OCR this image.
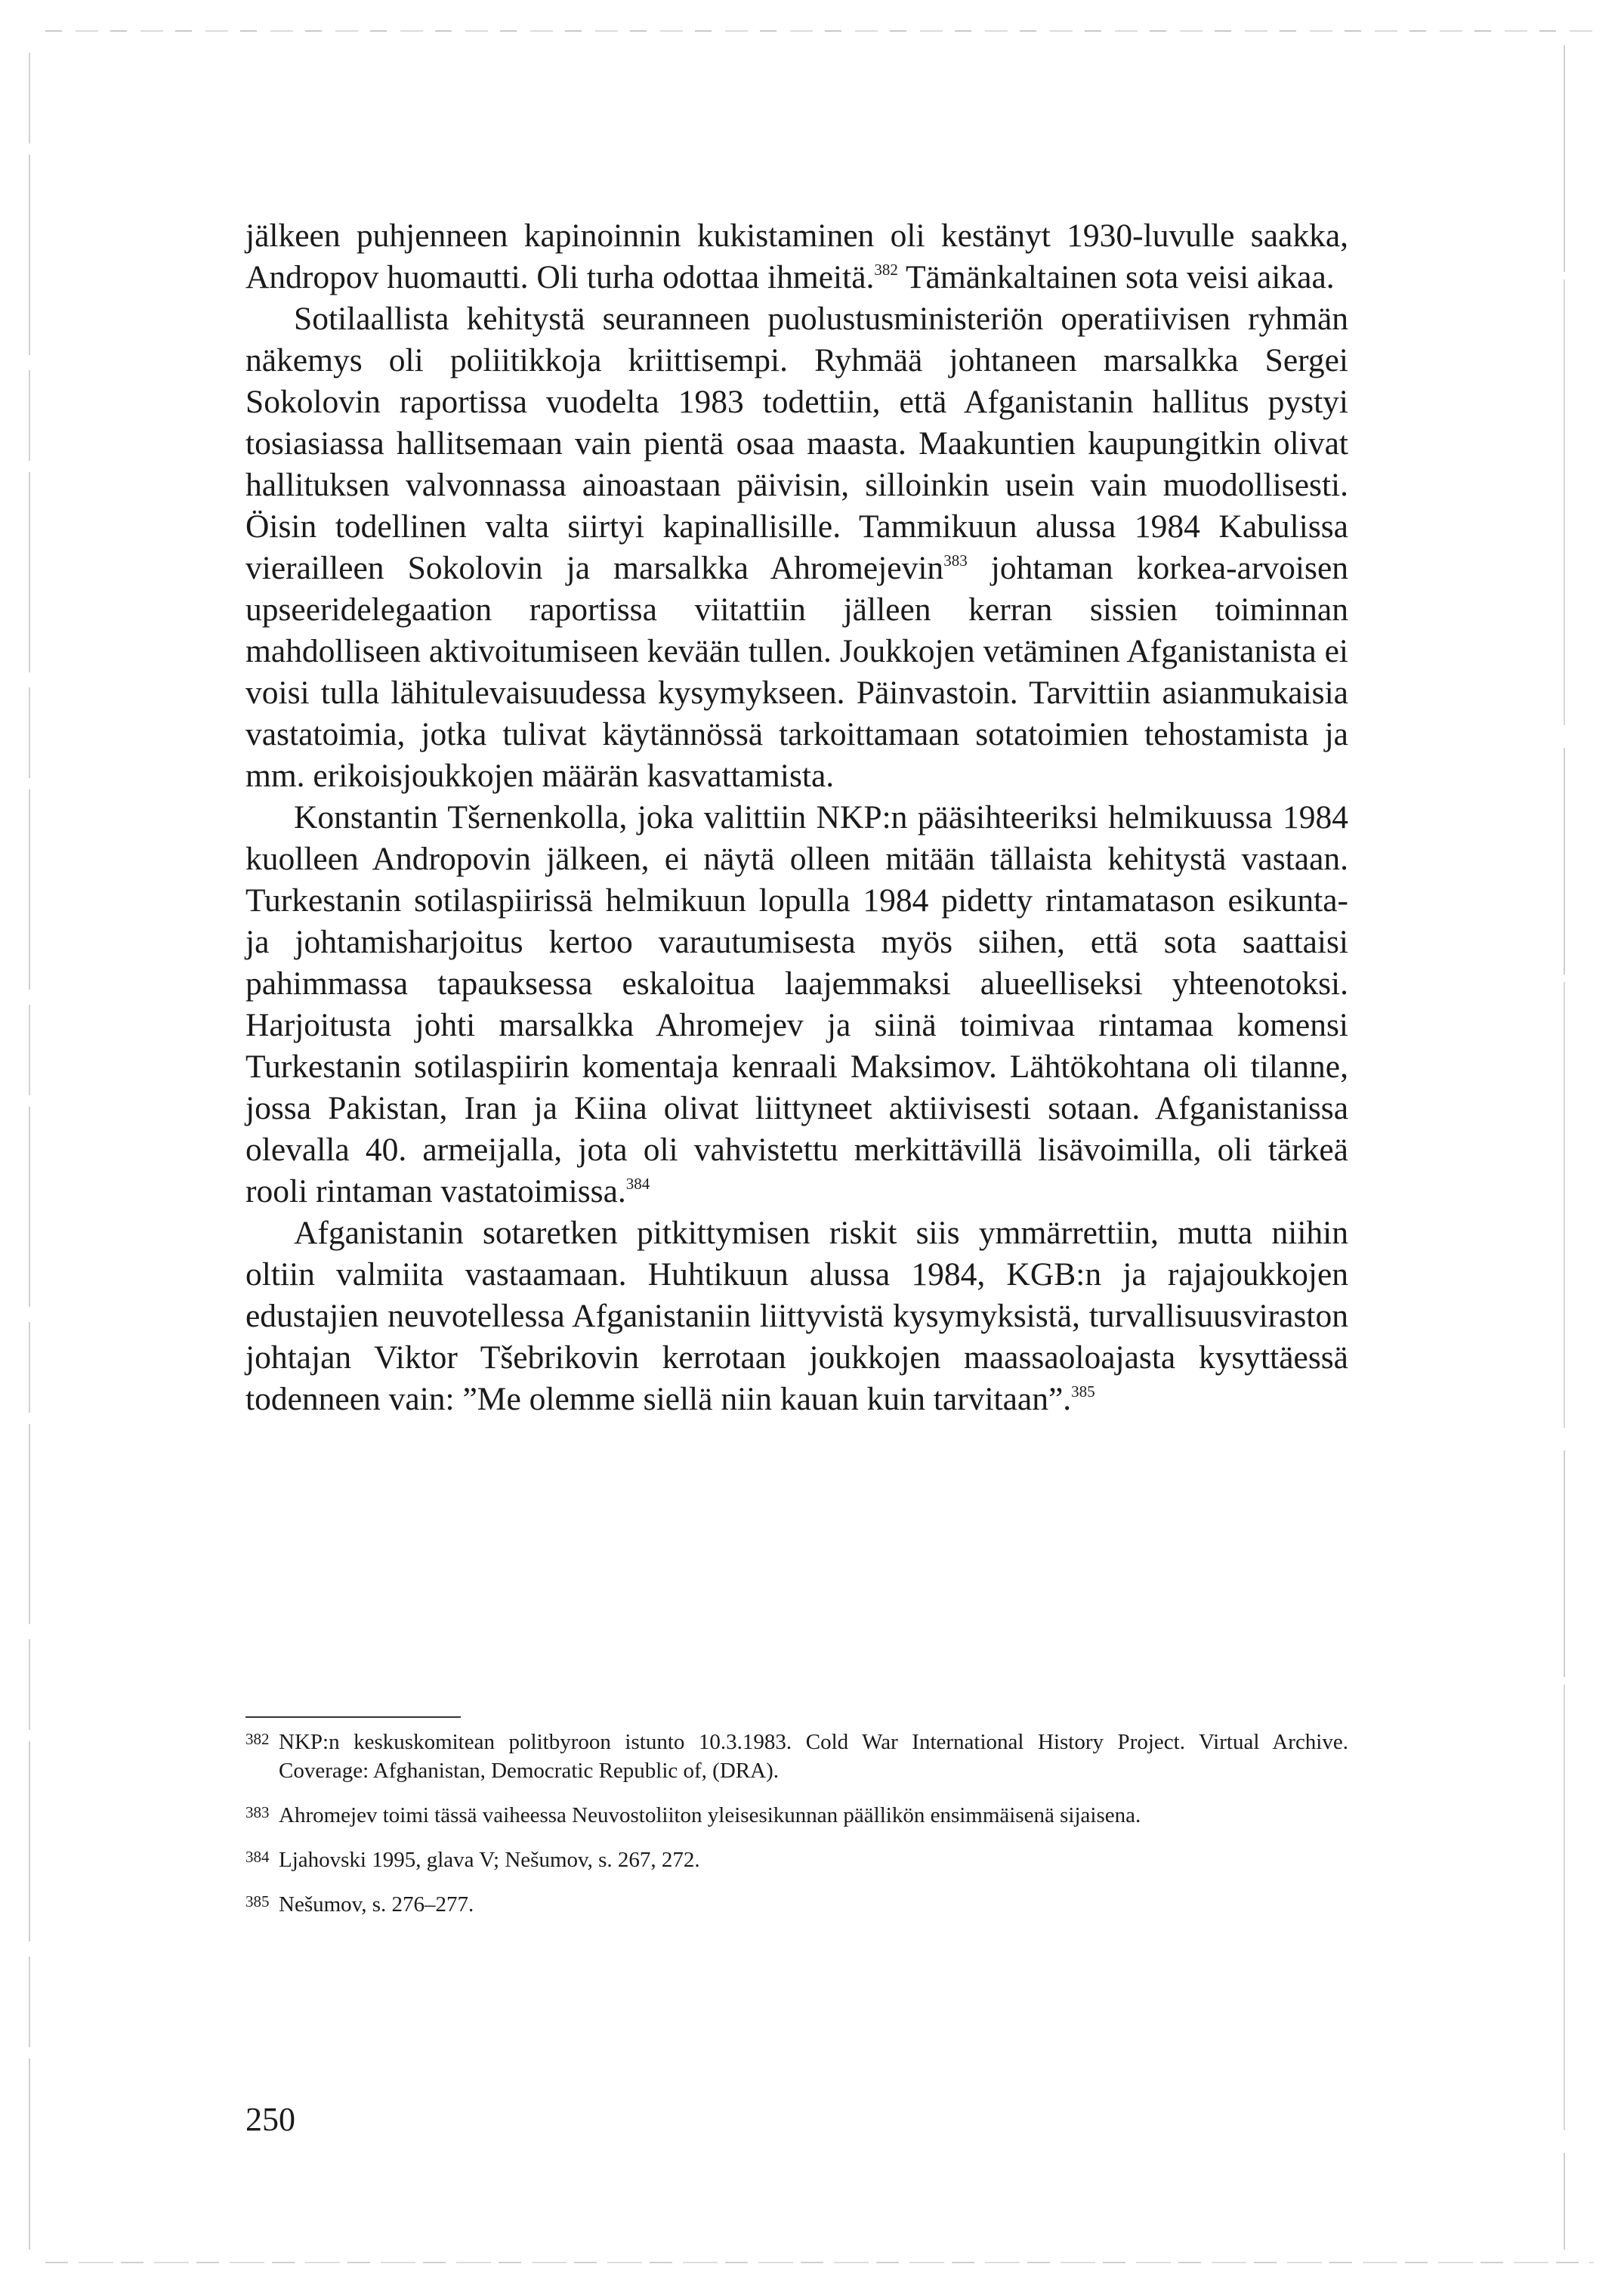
jälkeen puhjenneen kapinoinnin kukistaminen oli kestänyt 1930-luvulle saakka, Andropov huomautti. Oli turha odottaa ihmeitä.$^{382}$ Tämänkaltainen sota veisi aikaa.

Sotilaallista kehitystä seuranneen puolustusministeriön operatiivisen ryhmän näkemys oli poliitikkoja kriittisempi. Ryhmää johtaneen marsalkka Sergei Sokolovin raportissa vuodelta 1983 todettiin, että Afganistanin hallitus pystyi tosiasiassa hallitsemaan vain pientä osaa maasta. Maakuntien kaupungitkin olivat hallituksen valvonnassa ainoastaan päivisin, silloinkin usein vain muodollisesti. Öisin todellinen valta siirtyi kapinallisille. Tammikuun alussa 1984 Kabulissa vierailleen Sokolovin ja marsalkka Ahromejevin$^{383}$ johtaman korkea-arvoisen upseeridelegaation raportissa viitattiin jälleen kerran sissien toiminnan mahdolliseen aktivoitumiseen kevään tullen. Joukkojen vetäminen Afganistanista ei voisi tulla lähitulevaisuudessa kysymykseen. Päinvastoin. Tarvittiin asianmukaisia vastatoimia, jotka tulivat käytännössä tarkoittamaan sotatoimien tehostamista ja mm. erikoisjoukkojen määrän kasvattamista.

Konstantin Tšernenkolla, joka valittiin NKP:n pääsihteeriksi helmikuussa 1984 kuolleen Andropovin jälkeen, ei näytä olleen mitään tällaista kehitystä vastaan. Turkestanin sotilaspiirissä helmikuun lopulla 1984 pidetty rintamatason esikunta- ja johtamisharjoitus kertoo varautumisesta myös siihen, että sota saattaisi pahimmassa tapauksessa eskaloitua laajemmaksi alueelliseksi yhteenotoksi. Harjoitusta johti marsalkka Ahromejev ja siinä toimivaa rintamaa komensi Turkestanin sotilaspiirin komentaja kenraali Maksimov. Lähtökohtana oli tilanne, jossa Pakistan, Iran ja Kiina olivat liittyneet aktiivisesti sotaan. Afganistanissa olevalla 40. armeijalla, jota oli vahvistettu merkittävillä lisävoimilla, oli tärkeä rooli rintaman vastatoimissa.$^{384}$

Afganistanin sotaretken pitkittymisen riskit siis ymmärrettiin, mutta niihin oltiin valmiita vastaamaan. Huhtikuun alussa 1984, KGB:n ja rajajoukkojen edustajien neuvotellessa Afganistaniin liittyvistä kysymyksistä, turvallisuusviraston johtajan Viktor Tšebrikovin kerrotaan joukkojen maassaoloajasta kysyttäessä todenneen vain: ”Me olemme siellä niin kauan kuin tarvitaan”.$^{385}$

382 NKP:n keskuskomitean politbyroon istunto 10.3.1983. Cold War International History Project. Virtual Archive. Coverage: Afghanistan, Democratic Republic of, (DRA).
383 Ahromejev toimi tässä vaiheessa Neuvostoliiton yleisesikunnan päällikön ensimmäisenä sijaisena.
384 Ljahovski 1995, glava V; Nešumov, s. 267, 272.
385 Nešumov, s. 276–277.
250
